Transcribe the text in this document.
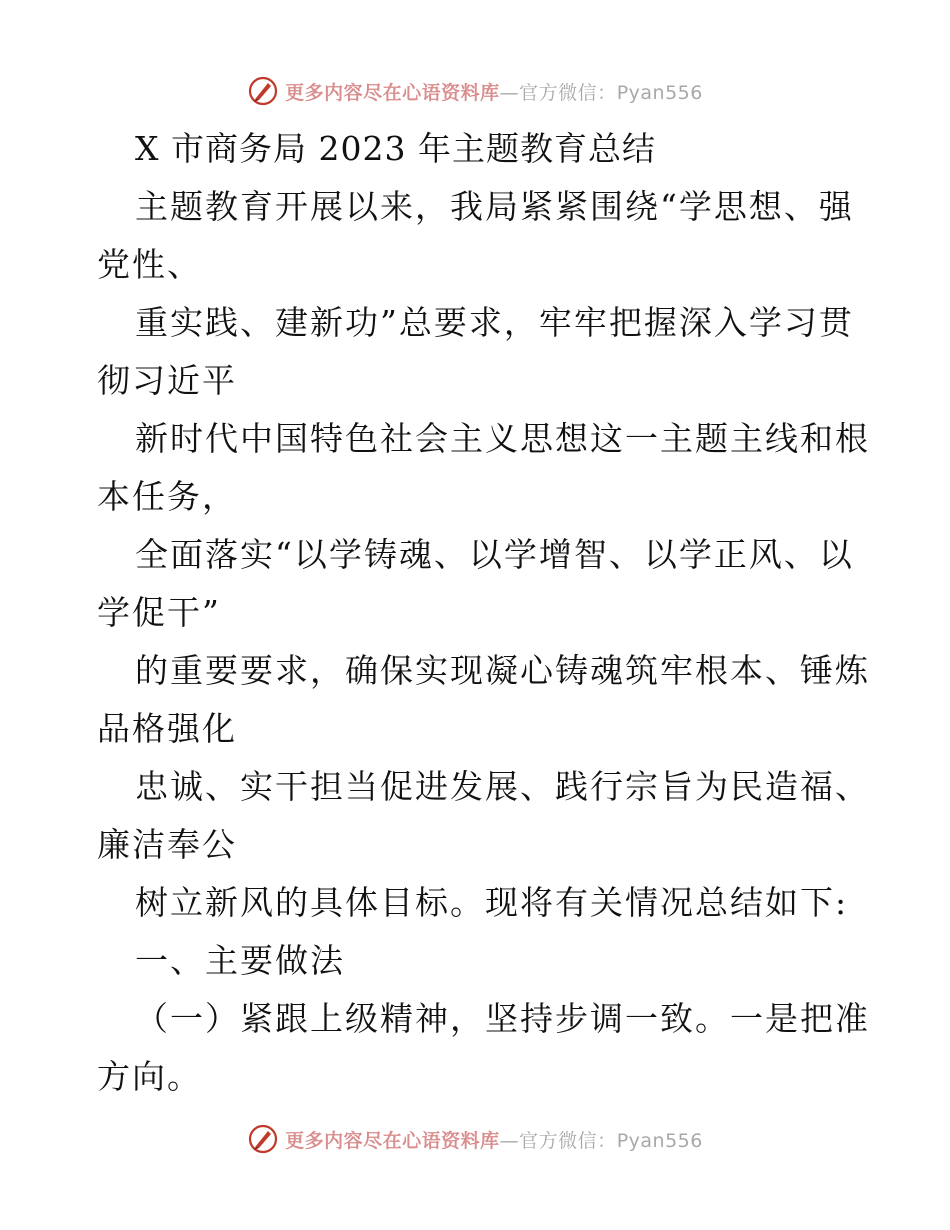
更多内容尽在心语资料库—官方微信：Pyan556
X 市商务局 2023 年主题教育总结
主题教育开展以来，我局紧紧围绕“学思想、强
党性、
重实践、建新功”总要求，牢牢把握深入学习贯
彻习近平
新时代中国特色社会主义思想这一主题主线和根
本任务，
全面落实“以学铸魂、以学增智、以学正风、以
学促干”
的重要要求，确保实现凝心铸魂筑牢根本、锤炼
品格强化
忠诚、实干担当促进发展、践行宗旨为民造福、
廉洁奉公
树立新风的具体目标。现将有关情况总结如下:
一、主要做法
（一）紧跟上级精神，坚持步调一致。一是把准
方向。
更多内容尽在心语资料库—官方微信：Pyan556
